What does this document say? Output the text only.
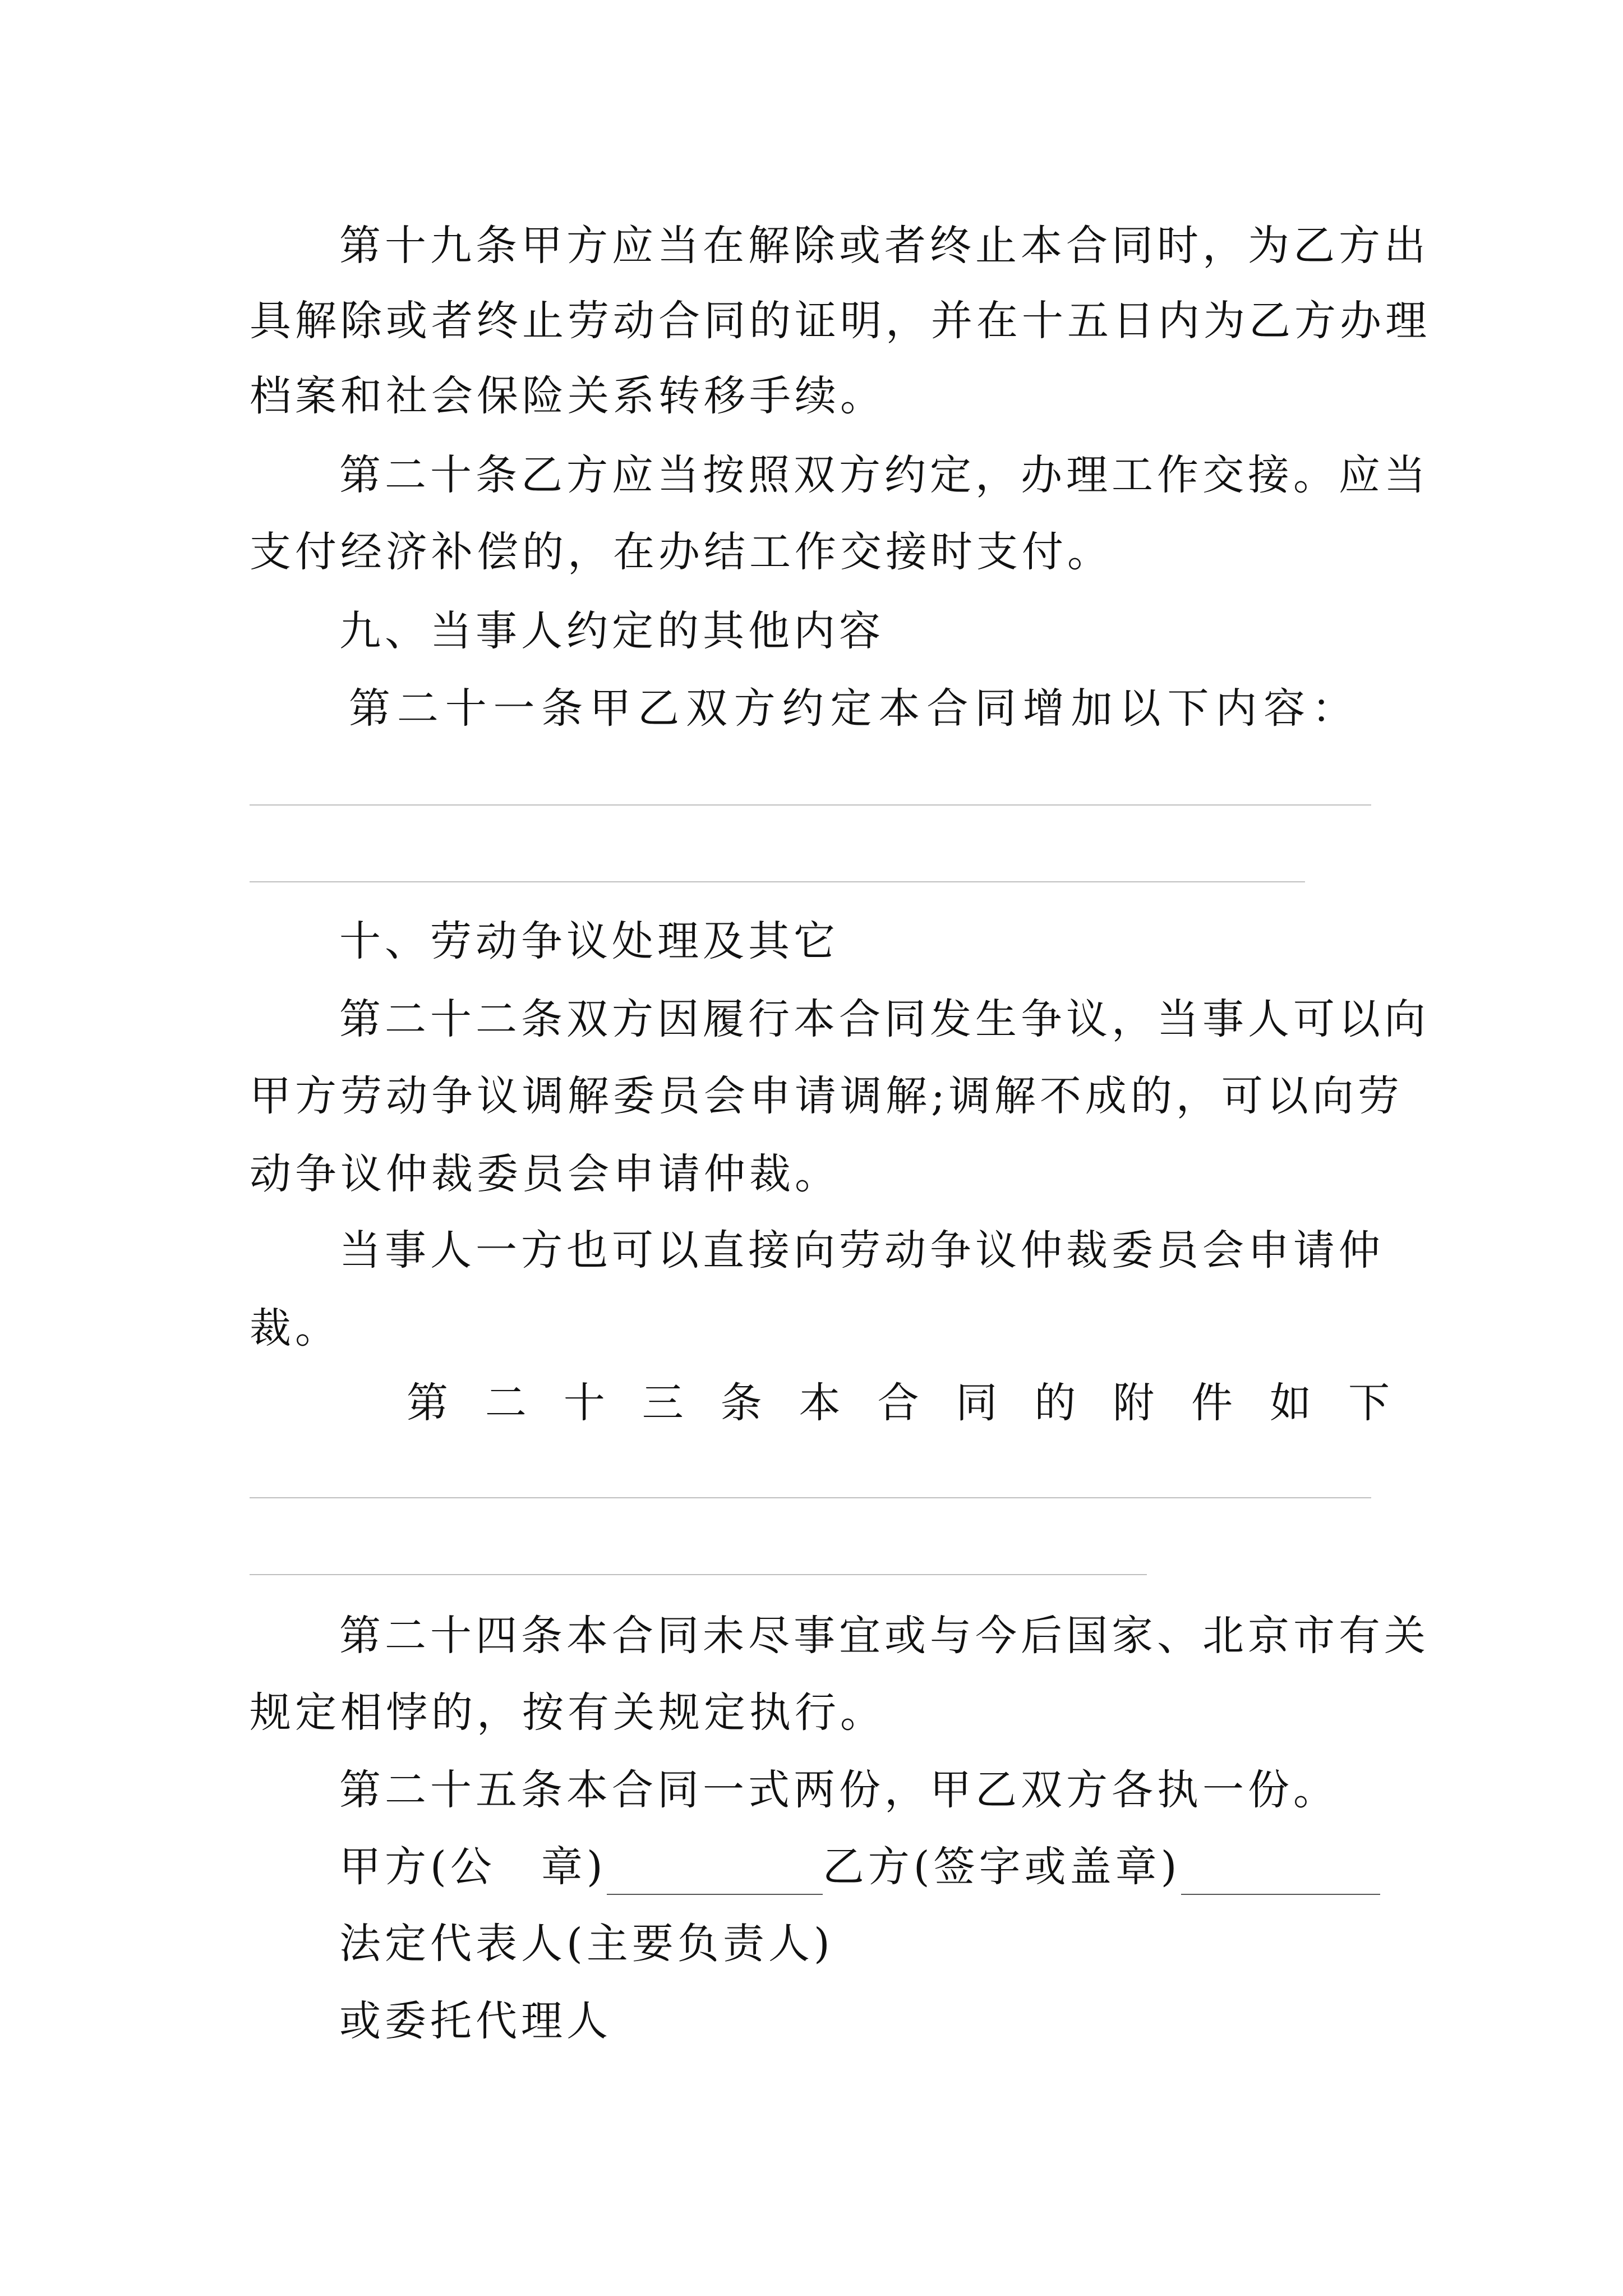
第十九条甲方应当在解除或者终止本合同时，为乙方出
具解除或者终止劳动合同的证明，并在十五日内为乙方办理
档案和社会保险关系转移手续。
第二十条乙方应当按照双方约定，办理工作交接。应当
支付经济补偿的，在办结工作交接时支付。
九、当事人约定的其他内容
第二十一条甲乙双方约定本合同增加以下内容：
十、劳动争议处理及其它
第二十二条双方因履行本合同发生争议，当事人可以向
甲方劳动争议调解委员会申请调解;调解不成的，可以向劳
动争议仲裁委员会申请仲裁。
当事人一方也可以直接向劳动争议仲裁委员会申请仲
裁。
第二十三条本合同的附件如下
第二十四条本合同未尽事宜或与今后国家、北京市有关
规定相悖的，按有关规定执行。
第二十五条本合同一式两份，甲乙双方各执一份。
甲方(公　章)	乙方(签字或盖章)
法定代表人(主要负责人)
或委托代理人
